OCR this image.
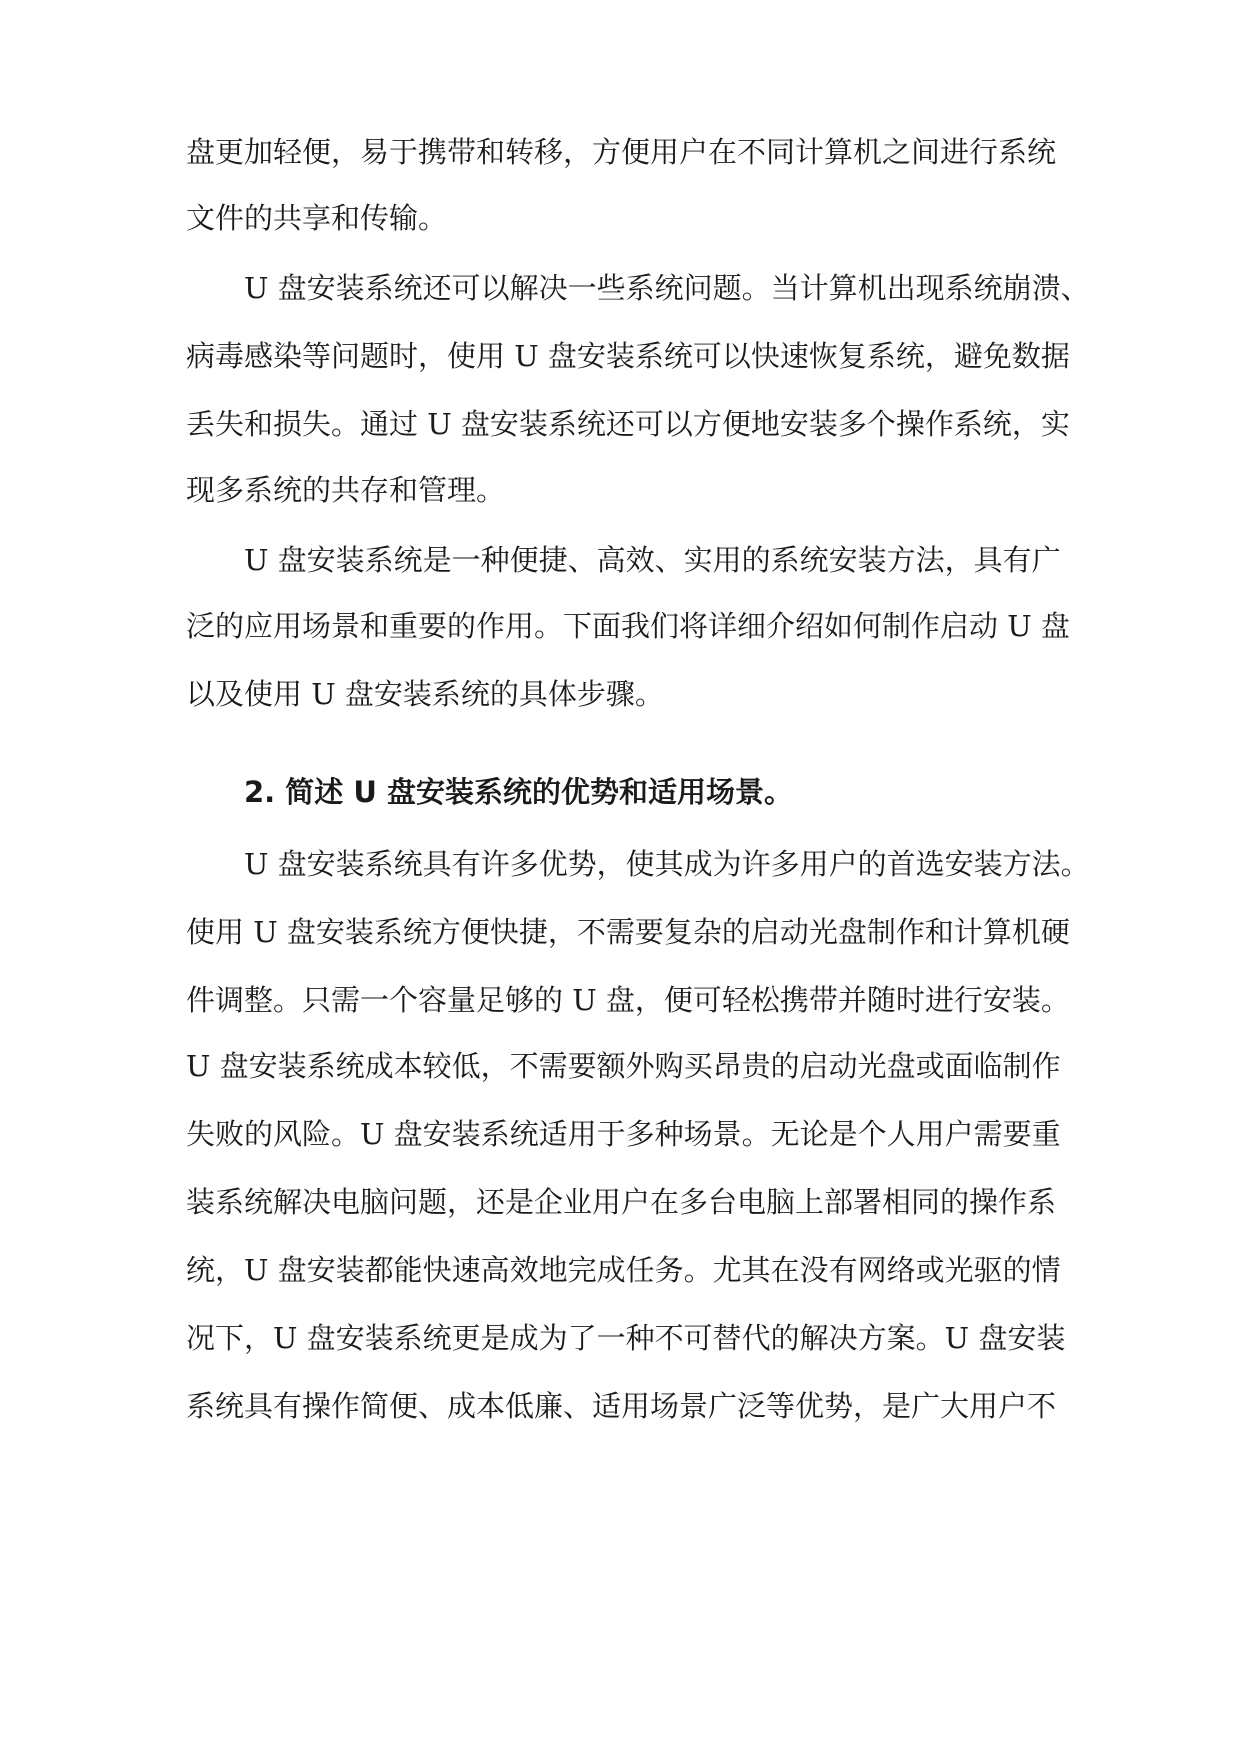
盘更加轻便，易于携带和转移，方便用户在不同计算机之间进行系统
文件的共享和传输。
U 盘安装系统还可以解决一些系统问题。当计算机出现系统崩溃、
病毒感染等问题时，使用 U 盘安装系统可以快速恢复系统，避免数据
丢失和损失。通过 U 盘安装系统还可以方便地安装多个操作系统，实
现多系统的共存和管理。
U 盘安装系统是一种便捷、高效、实用的系统安装方法，具有广
泛的应用场景和重要的作用。下面我们将详细介绍如何制作启动 U 盘
以及使用 U 盘安装系统的具体步骤。
2. 简述 U 盘安装系统的优势和适用场景。
U 盘安装系统具有许多优势，使其成为许多用户的首选安装方法。
使用 U 盘安装系统方便快捷，不需要复杂的启动光盘制作和计算机硬
件调整。只需一个容量足够的 U 盘，便可轻松携带并随时进行安装。
U 盘安装系统成本较低，不需要额外购买昂贵的启动光盘或面临制作
失败的风险。U 盘安装系统适用于多种场景。无论是个人用户需要重
装系统解决电脑问题，还是企业用户在多台电脑上部署相同的操作系
统，U 盘安装都能快速高效地完成任务。尤其在没有网络或光驱的情
况下，U 盘安装系统更是成为了一种不可替代的解决方案。U 盘安装
系统具有操作简便、成本低廉、适用场景广泛等优势，是广大用户不
